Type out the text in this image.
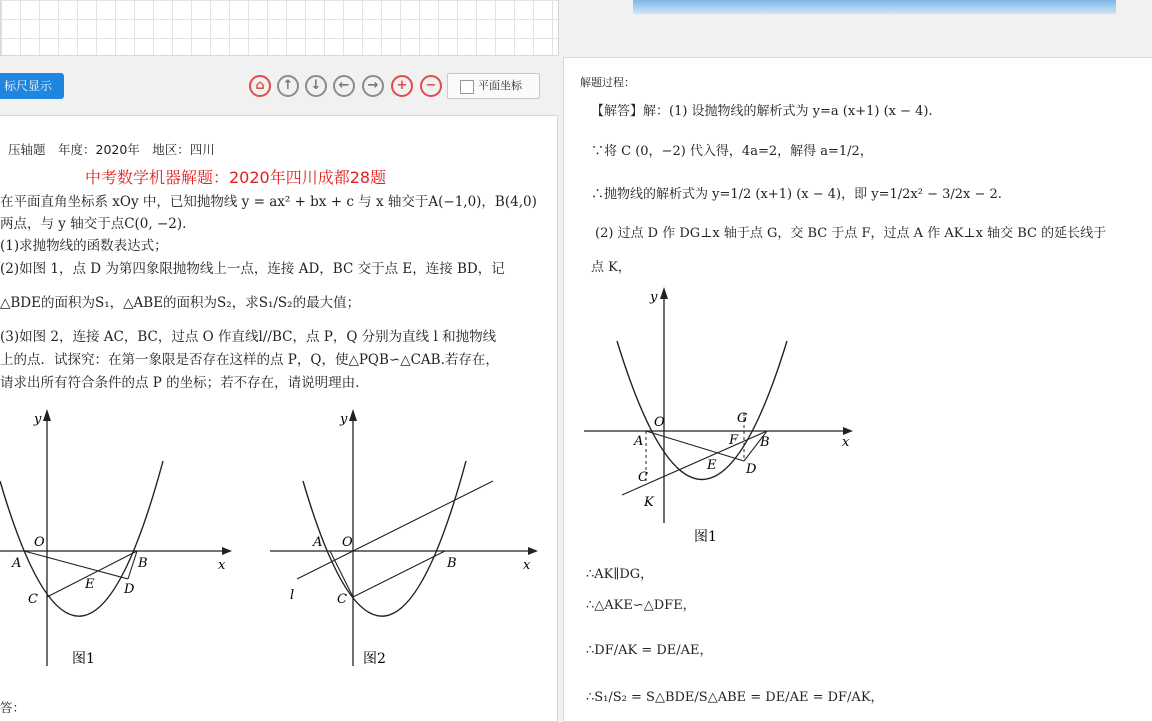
标尺显示	⌂	↑	↓	←	→	+	−	平面坐标
压轴题　年度：2020年　地区：四川
中考数学机器解题：2020年四川成都28题
在平面直角坐标系 xOy 中，已知抛物线 y = ax² + bx + c 与 x 轴交于A(−1,0)，B(4,0)
两点，与 y 轴交于点C(0, −2).
(1)求抛物线的函数表达式；
(2)如图 1，点 D 为第四象限抛物线上一点，连接 AD，BC 交于点 E，连接 BD，记
△BDE的面积为S₁，△ABE的面积为S₂，求S₁/S₂的最大值；
(3)如图 2，连接 AC，BC，过点 O 作直线l//BC，点 P，Q 分别为直线 l 和抛物线
上的点．试探究：在第一象限是否存在这样的点 P，Q，使△PQB∽△CAB.若存在，
请求出所有符合条件的点 P 的坐标；若不存在，请说明理由.
y
x
O
A	B
C
D
E
图1
y
x
O
A
B
C
l
图2
答：
解题过程：
【解答】解：(1) 设抛物线的解析式为 y=a (x+1) (x − 4).
∵将 C (0，−2) 代入得，4a=2，解得 a=1/2，
∴抛物线的解析式为 y=1/2 (x+1) (x − 4)，即 y=1/2x² − 3/2x − 2.
(2) 过点 D 作 DG⊥x 轴于点 G，交 BC 于点 F，过点 A 作 AK⊥x 轴交 BC 的延长线于
点 K，
y
x
O
A	B
C
D
E
F
G
K
图1
∴AK∥DG，
∴△AKE∽△DFE，
∴DF/AK = DE/AE，
∴S₁/S₂ = S△BDE/S△ABE = DE/AE = DF/AK，
